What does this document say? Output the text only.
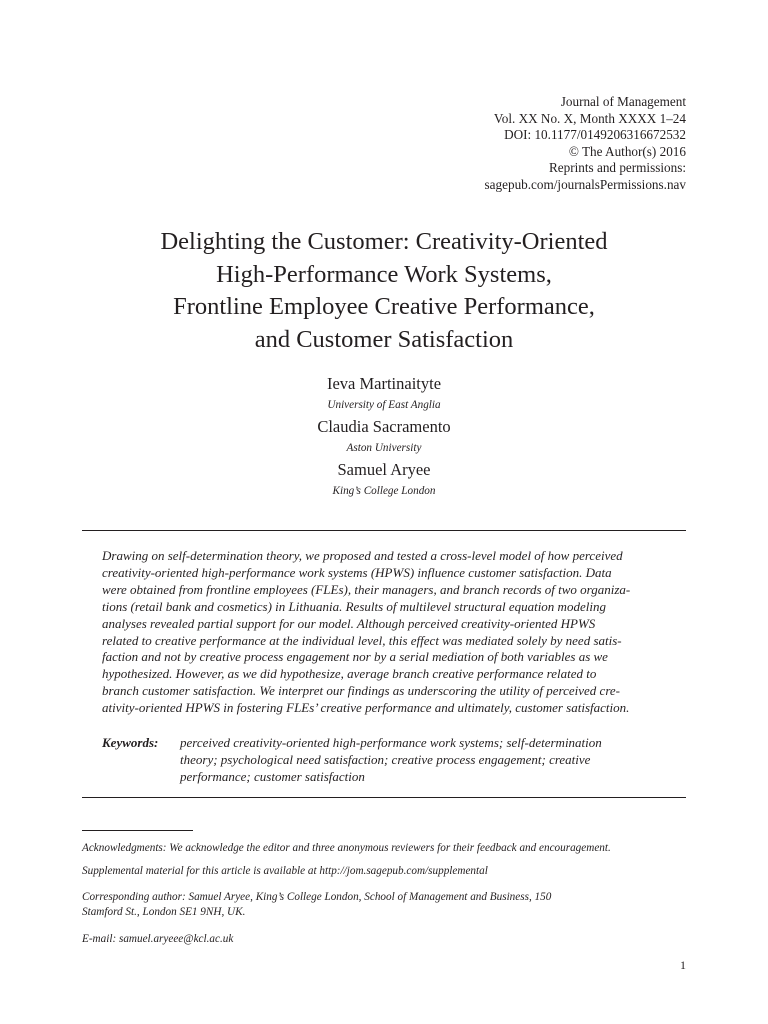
Journal of Management
Vol. XX No. X, Month XXXX 1–24
DOI: 10.1177/0149206316672532
© The Author(s) 2016
Reprints and permissions:
sagepub.com/journalsPermissions.nav
Delighting the Customer: Creativity-Oriented
High-Performance Work Systems,
Frontline Employee Creative Performance,
and Customer Satisfaction
Ieva Martinaityte
University of East Anglia
Claudia Sacramento
Aston University
Samuel Aryee
King’s College London
Drawing on self-determination theory, we proposed and tested a cross-level model of how perceived
creativity-oriented high-performance work systems (HPWS) influence customer satisfaction. Data
were obtained from frontline employees (FLEs), their managers, and branch records of two organiza-
tions (retail bank and cosmetics) in Lithuania. Results of multilevel structural equation modeling
analyses revealed partial support for our model. Although perceived creativity-oriented HPWS
related to creative performance at the individual level, this effect was mediated solely by need satis-
faction and not by creative process engagement nor by a serial mediation of both variables as we
hypothesized. However, as we did hypothesize, average branch creative performance related to
branch customer satisfaction. We interpret our findings as underscoring the utility of perceived cre-
ativity-oriented HPWS in fostering FLEs’ creative performance and ultimately, customer satisfaction.
Keywords: perceived creativity-oriented high-performance work systems; self-determination
theory; psychological need satisfaction; creative process engagement; creative
performance; customer satisfaction
Acknowledgments: We acknowledge the editor and three anonymous reviewers for their feedback and encouragement.
Supplemental material for this article is available at http://jom.sagepub.com/supplemental
Corresponding author: Samuel Aryee, King’s College London, School of Management and Business, 150
Stamford St., London SE1 9NH, UK.
E-mail: samuel.aryeee@kcl.ac.uk
1
